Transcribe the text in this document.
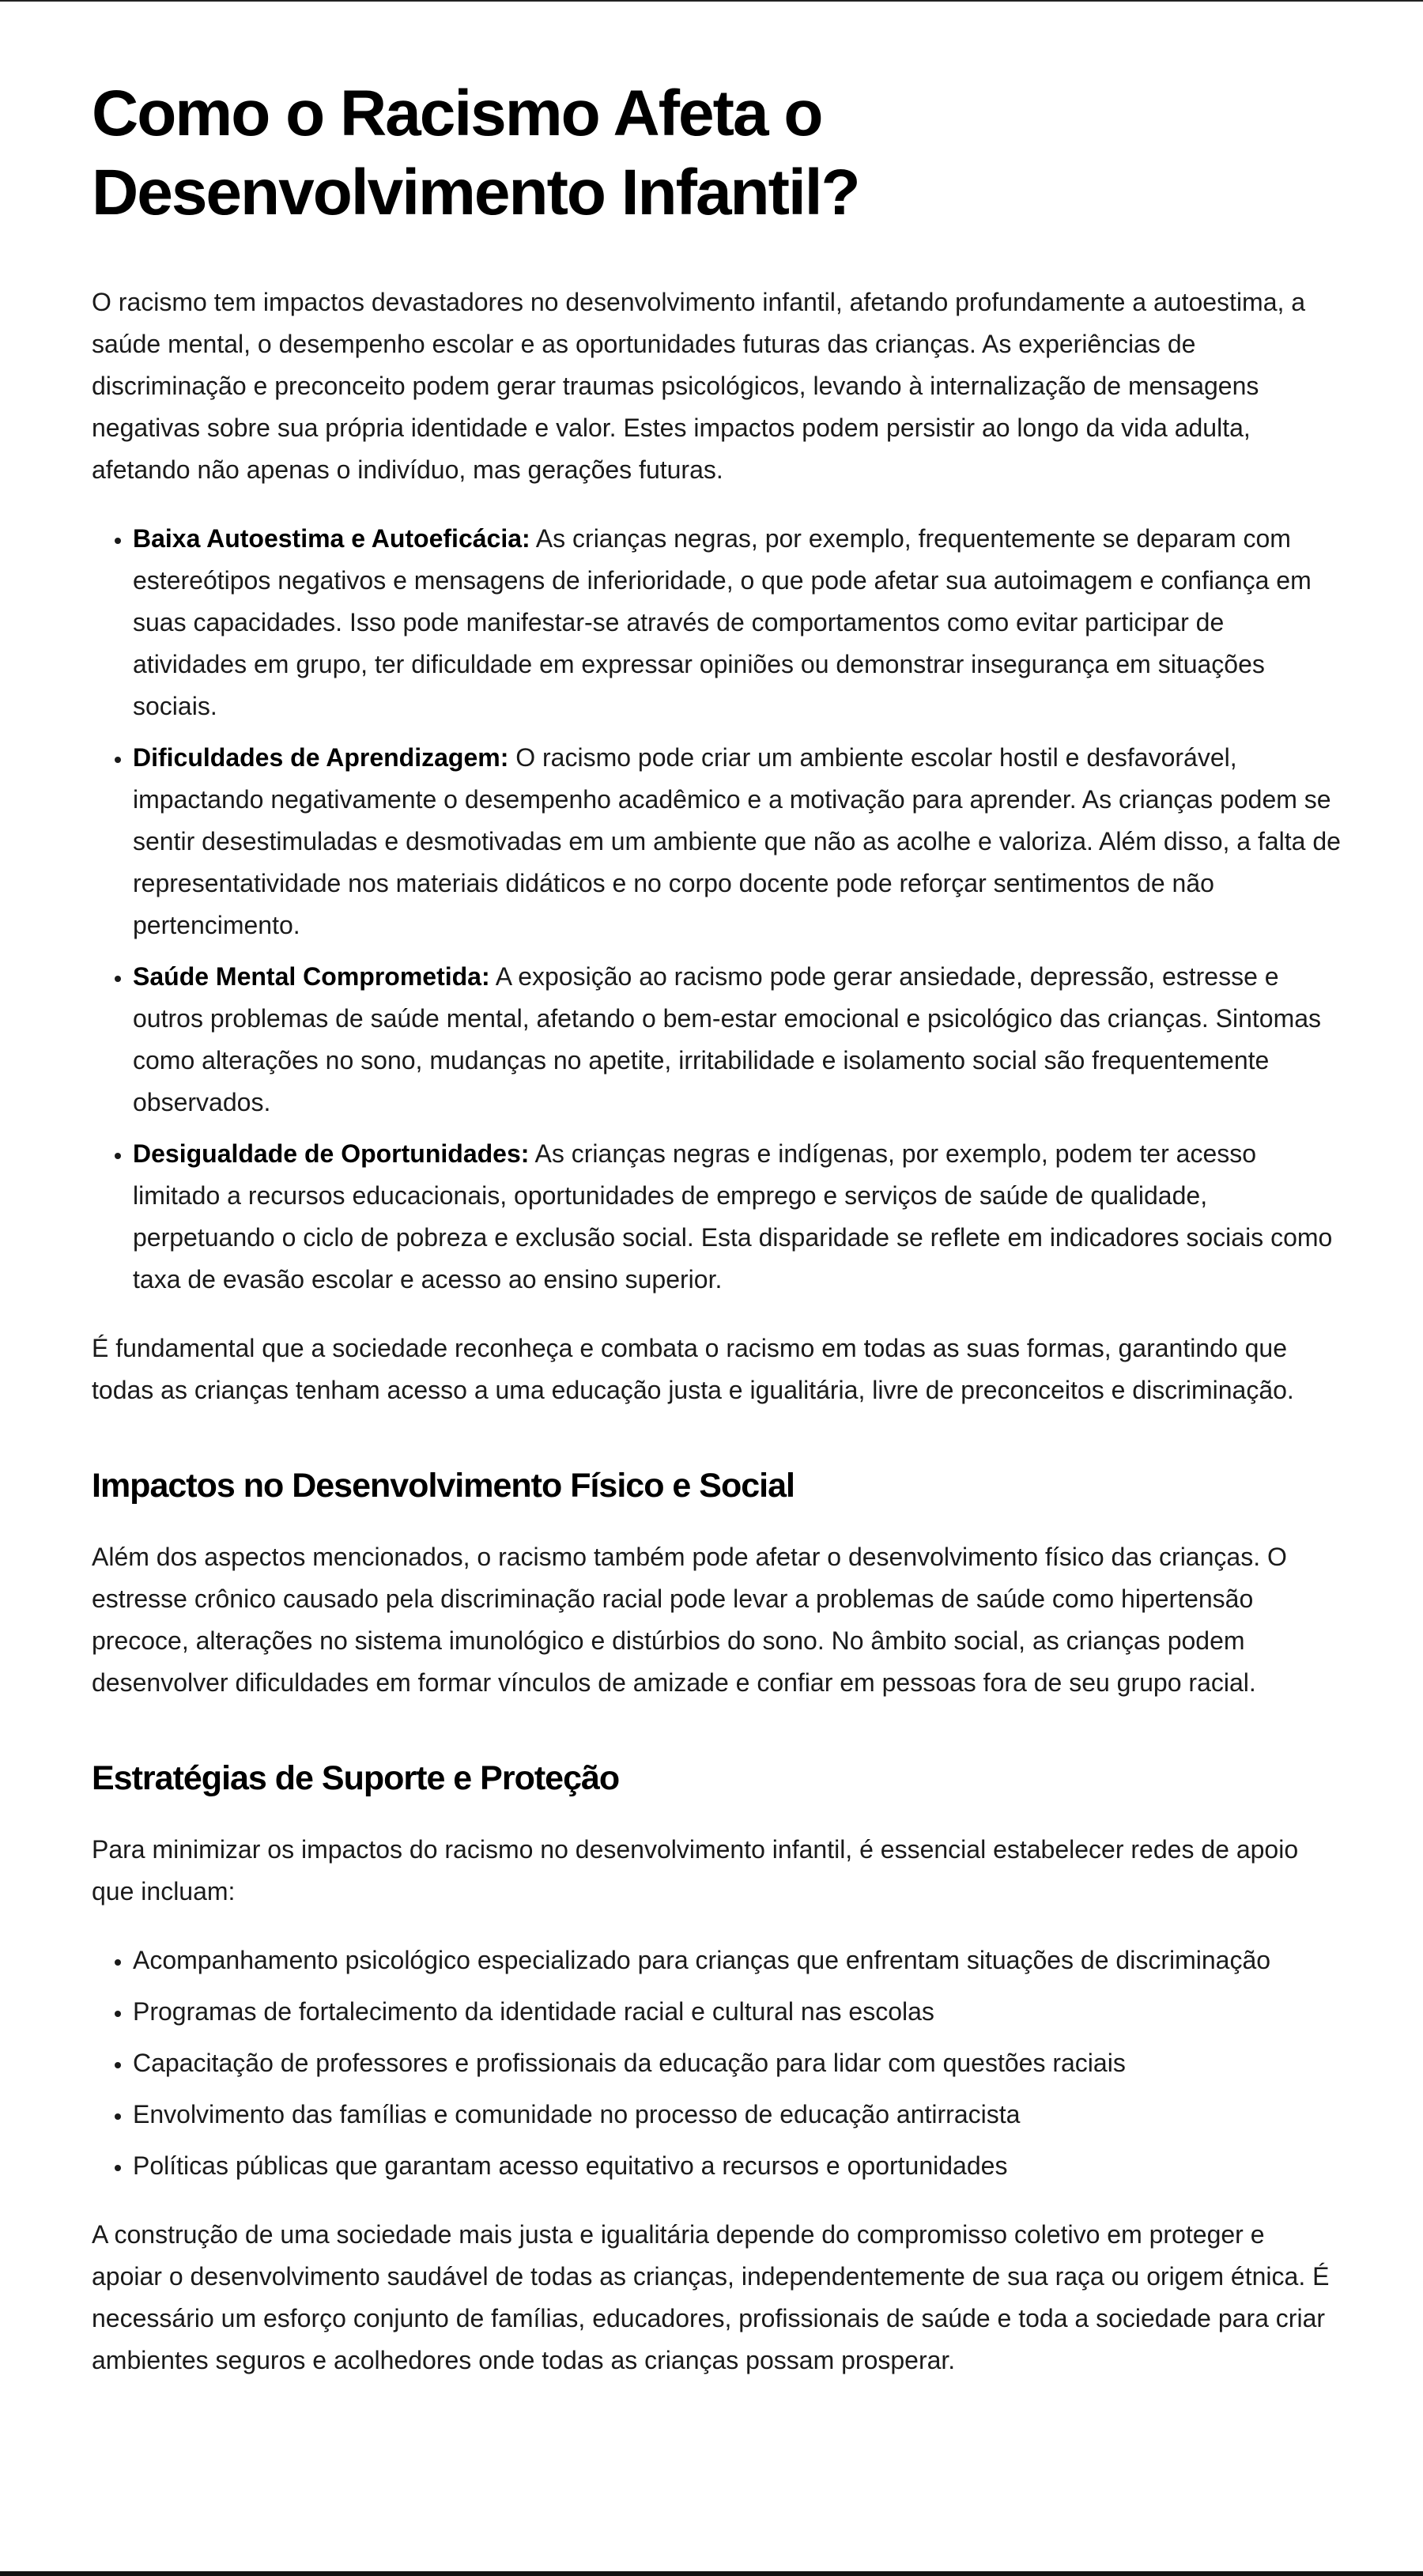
Como o Racismo Afeta o Desenvolvimento Infantil?

O racismo tem impactos devastadores no desenvolvimento infantil, afetando profundamente a autoestima, a saúde mental, o desempenho escolar e as oportunidades futuras das crianças. As experiências de discriminação e preconceito podem gerar traumas psicológicos, levando à internalização de mensagens negativas sobre sua própria identidade e valor. Estes impactos podem persistir ao longo da vida adulta, afetando não apenas o indivíduo, mas gerações futuras.

• Baixa Autoestima e Autoeficácia: As crianças negras, por exemplo, frequentemente se deparam com estereótipos negativos e mensagens de inferioridade, o que pode afetar sua autoimagem e confiança em suas capacidades. Isso pode manifestar-se através de comportamentos como evitar participar de atividades em grupo, ter dificuldade em expressar opiniões ou demonstrar insegurança em situações sociais.
• Dificuldades de Aprendizagem: O racismo pode criar um ambiente escolar hostil e desfavorável, impactando negativamente o desempenho acadêmico e a motivação para aprender. As crianças podem se sentir desestimuladas e desmotivadas em um ambiente que não as acolhe e valoriza. Além disso, a falta de representatividade nos materiais didáticos e no corpo docente pode reforçar sentimentos de não pertencimento.
• Saúde Mental Comprometida: A exposição ao racismo pode gerar ansiedade, depressão, estresse e outros problemas de saúde mental, afetando o bem-estar emocional e psicológico das crianças. Sintomas como alterações no sono, mudanças no apetite, irritabilidade e isolamento social são frequentemente observados.
• Desigualdade de Oportunidades: As crianças negras e indígenas, por exemplo, podem ter acesso limitado a recursos educacionais, oportunidades de emprego e serviços de saúde de qualidade, perpetuando o ciclo de pobreza e exclusão social. Esta disparidade se reflete em indicadores sociais como taxa de evasão escolar e acesso ao ensino superior.

É fundamental que a sociedade reconheça e combata o racismo em todas as suas formas, garantindo que todas as crianças tenham acesso a uma educação justa e igualitária, livre de preconceitos e discriminação.

Impactos no Desenvolvimento Físico e Social

Além dos aspectos mencionados, o racismo também pode afetar o desenvolvimento físico das crianças. O estresse crônico causado pela discriminação racial pode levar a problemas de saúde como hipertensão precoce, alterações no sistema imunológico e distúrbios do sono. No âmbito social, as crianças podem desenvolver dificuldades em formar vínculos de amizade e confiar em pessoas fora de seu grupo racial.

Estratégias de Suporte e Proteção

Para minimizar os impactos do racismo no desenvolvimento infantil, é essencial estabelecer redes de apoio que incluam:

• Acompanhamento psicológico especializado para crianças que enfrentam situações de discriminação
• Programas de fortalecimento da identidade racial e cultural nas escolas
• Capacitação de professores e profissionais da educação para lidar com questões raciais
• Envolvimento das famílias e comunidade no processo de educação antirracista
• Políticas públicas que garantam acesso equitativo a recursos e oportunidades

A construção de uma sociedade mais justa e igualitária depende do compromisso coletivo em proteger e apoiar o desenvolvimento saudável de todas as crianças, independentemente de sua raça ou origem étnica. É necessário um esforço conjunto de famílias, educadores, profissionais de saúde e toda a sociedade para criar ambientes seguros e acolhedores onde todas as crianças possam prosperar.
